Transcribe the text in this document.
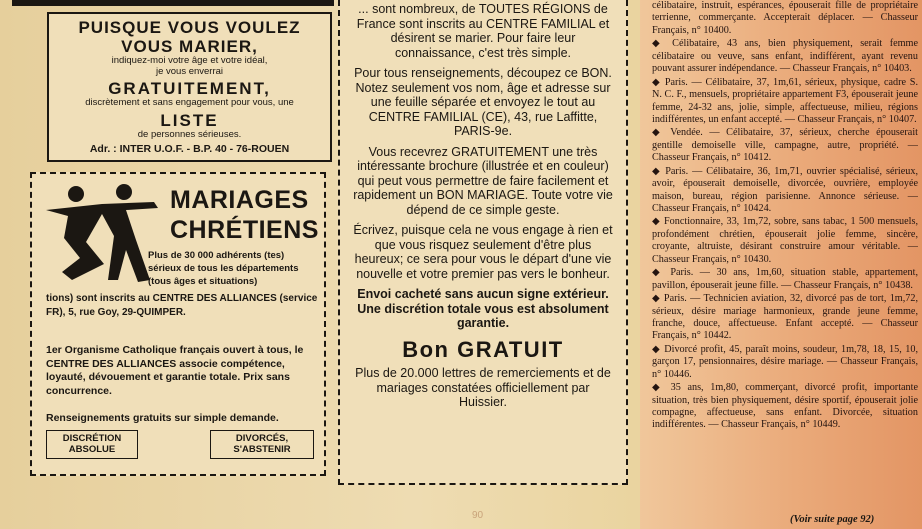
PUISQUE VOUS VOULEZ
VOUS MARIER,
indiquez-moi votre âge et votre idéal,
je vous enverrai
GRATUITEMENT,
discrètement et sans engagement pour vous, une
LISTE
de personnes sérieuses.
Adr. : INTER U.O.F. - B.P. 40 - 76-ROUEN
MARIAGES
CHRÉTIENS
Plus de 30 000 adhérents (tes) sérieux de tous les départements (tous âges et situations)
tions) sont inscrits au CENTRE DES ALLIANCES (service FR), 5, rue Goy, 29-QUIMPER.
1er Organisme Catholique français ouvert à tous, le CENTRE DES ALLIANCES associe compétence, loyauté, dévouement et garantie totale. Prix sans concurrence.
Renseignements gratuits sur simple demande.
DISCRÉTION ABSOLUE
DIVORCÉS, S'ABSTENIR

... sont nombreux, de TOUTES RÉGIONS de France sont inscrits au CENTRE FAMILIAL et désirent se marier. Pour faire leur connaissance, c'est très simple.

Pour tous renseignements, découpez ce BON. Notez seulement vos nom, âge et adresse sur une feuille séparée et envoyez le tout au CENTRE FAMILIAL (CE), 43, rue Laffitte, PARIS-9e.

Vous recevrez GRATUITEMENT une très intéressante brochure (illustrée et en couleur) qui peut vous permettre de faire facilement et rapidement un BON MARIAGE. Toute votre vie dépend de ce simple geste.

Écrivez, puisque cela ne vous engage à rien et que vous risquez seulement d'être plus heureux; ce sera pour vous le départ d'une vie nouvelle et votre premier pas vers le bonheur.

Envoi cacheté sans aucun signe extérieur. Une discrétion totale vous est absolument garantie.

Bon GRATUIT

Plus de 20.000 lettres de remerciements et de mariages constatées officiellement par Huissier.

célibataire, instruit, espérances, épouserait fille de propriétaire terrienne, commerçante. Accepterait déplacer. — Chasseur Français, n° 10400.
◆ Célibataire, 43 ans, bien physiquement, serait femme célibataire ou veuve, sans enfant, indifférent, ayant revenu pouvant assurer indépendance. — Chasseur Français, n° 10403.
◆ Paris. — Célibataire, 37, 1m,61, sérieux, physique, cadre S. N. C. F., mensuels, propriétaire appartement F3, épouserait jeune femme, 24-32 ans, jolie, simple, affectueuse, milieu, régions indifférentes, un enfant accepté. — Chasseur Français, n° 10407.
◆ Vendée. — Célibataire, 37, sérieux, cherche épouserait gentille demoiselle ville, campagne, autre, propriété. — Chasseur Français, n° 10412.
◆ Paris. — Célibataire, 36, 1m,71, ouvrier spécialisé, sérieux, avoir, épouserait demoiselle, divorcée, ouvrière, employée maison, bureau, région parisienne. Annonce sérieuse. — Chasseur Français, n° 10424.
◆ Fonctionnaire, 33, 1m,72, sobre, sans tabac, 1 500 mensuels, profondément chrétien, épouserait jolie femme, sincère, croyante, altruiste, désirant construire amour véritable. — Chasseur Français, n° 10430.
◆ Paris. — 30 ans, 1m,60, situation stable, appartement, pavillon, épouserait jeune fille. — Chasseur Français, n° 10438.
◆ Paris. — Technicien aviation, 32, divorcé pas de tort, 1m,72, sérieux, désire mariage harmonieux, grande jeune femme, franche, douce, affectueuse. Enfant accepté. — Chasseur Français, n° 10442.
◆ Divorcé profit, 45, paraît moins, soudeur, 1m,78, 18, 15, 10, garçon 17, pensionnaires, désire mariage. — Chasseur Français, n° 10446.
◆ 35 ans, 1m,80, commerçant, divorcé profit, importante situation, très bien physiquement, désire sportif, épouserait jolie compagne, affectueuse, sans enfant. Divorcée, situation indifférentes. — Chasseur Français, n° 10449.
90	(Voir suite page 92)
